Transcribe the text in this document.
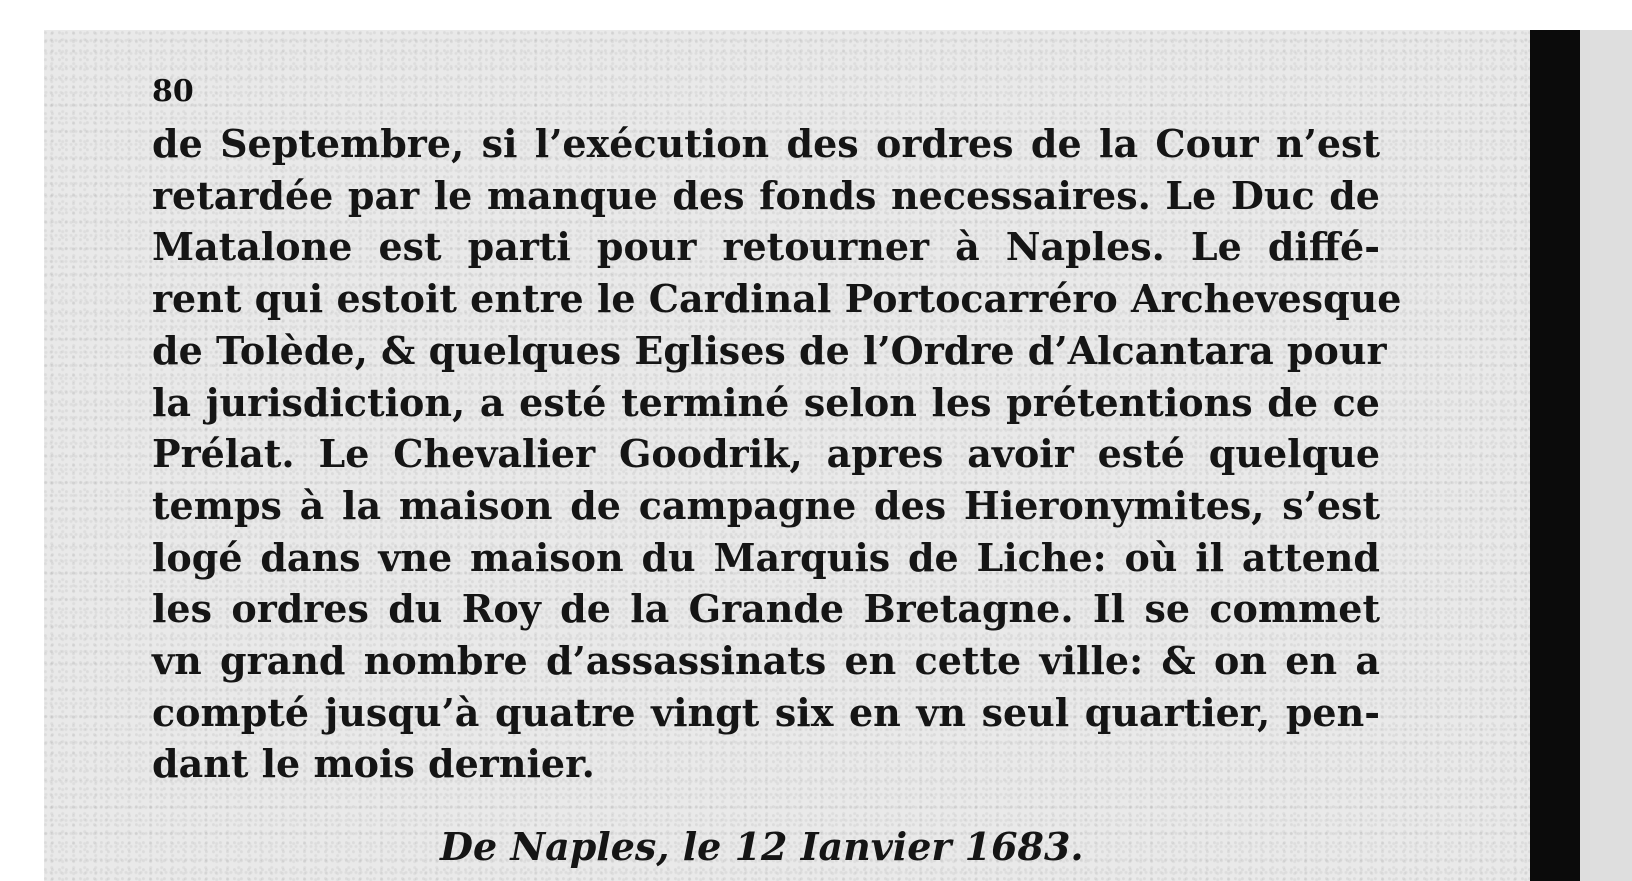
80
de Septembre, si l’exécution des ordres de la Cour n’est
retardée par le manque des fonds necessaires. Le Duc de
Matalone est parti pour retourner à Naples. Le diffé-
rent qui estoit entre le Cardinal Portocarréro Archevesque
de Tolède, & quelques Eglises de l’Ordre d’Alcantara pour
la jurisdiction, a esté terminé selon les prétentions de ce
Prélat. Le Chevalier Goodrik, apres avoir esté quelque
temps à la maison de campagne des Hieronymites, s’est
logé dans vne maison du Marquis de Liche: où il attend
les ordres du Roy de la Grande Bretagne. Il se commet
vn grand nombre d’assassinats en cette ville: & on en a
compté jusqu’à quatre vingt six en vn seul quartier, pen-
dant le mois dernier.
De Naples, le 12 Ianvier 1683.
